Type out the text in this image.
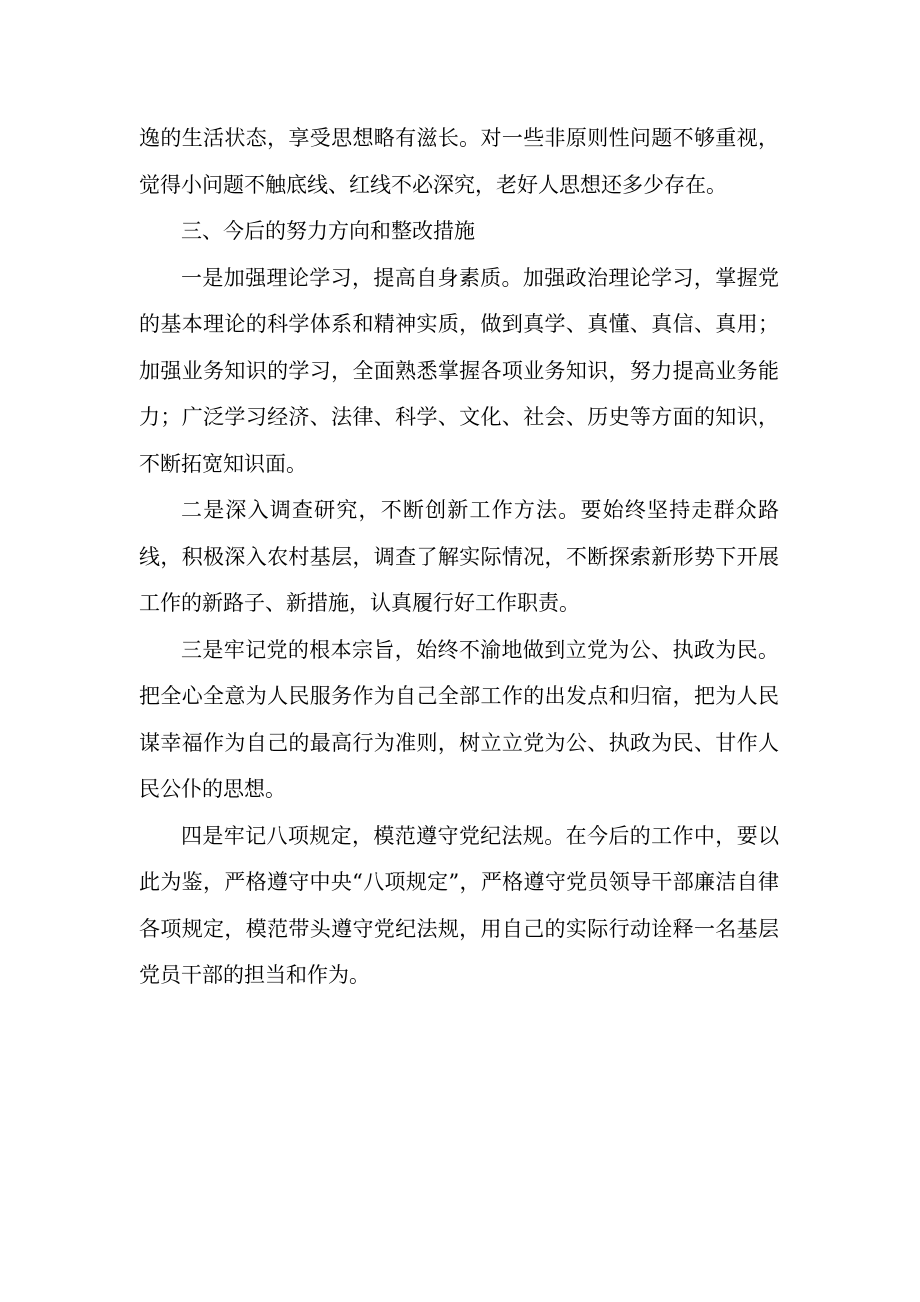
逸的生活状态，享受思想略有滋长。对一些非原则性问题不够重视，觉得小问题不触底线、红线不必深究，老好人思想还多少存在。

三、今后的努力方向和整改措施

一是加强理论学习，提高自身素质。加强政治理论学习，掌握党的基本理论的科学体系和精神实质，做到真学、真懂、真信、真用；加强业务知识的学习，全面熟悉掌握各项业务知识，努力提高业务能力；广泛学习经济、法律、科学、文化、社会、历史等方面的知识，不断拓宽知识面。

二是深入调查研究，不断创新工作方法。要始终坚持走群众路线，积极深入农村基层，调查了解实际情况，不断探索新形势下开展工作的新路子、新措施，认真履行好工作职责。

三是牢记党的根本宗旨，始终不渝地做到立党为公、执政为民。把全心全意为人民服务作为自己全部工作的出发点和归宿，把为人民谋幸福作为自己的最高行为准则，树立立党为公、执政为民、甘作人民公仆的思想。

四是牢记八项规定，模范遵守党纪法规。在今后的工作中，要以此为鉴，严格遵守中央“八项规定”，严格遵守党员领导干部廉洁自律各项规定，模范带头遵守党纪法规，用自己的实际行动诠释一名基层党员干部的担当和作为。
